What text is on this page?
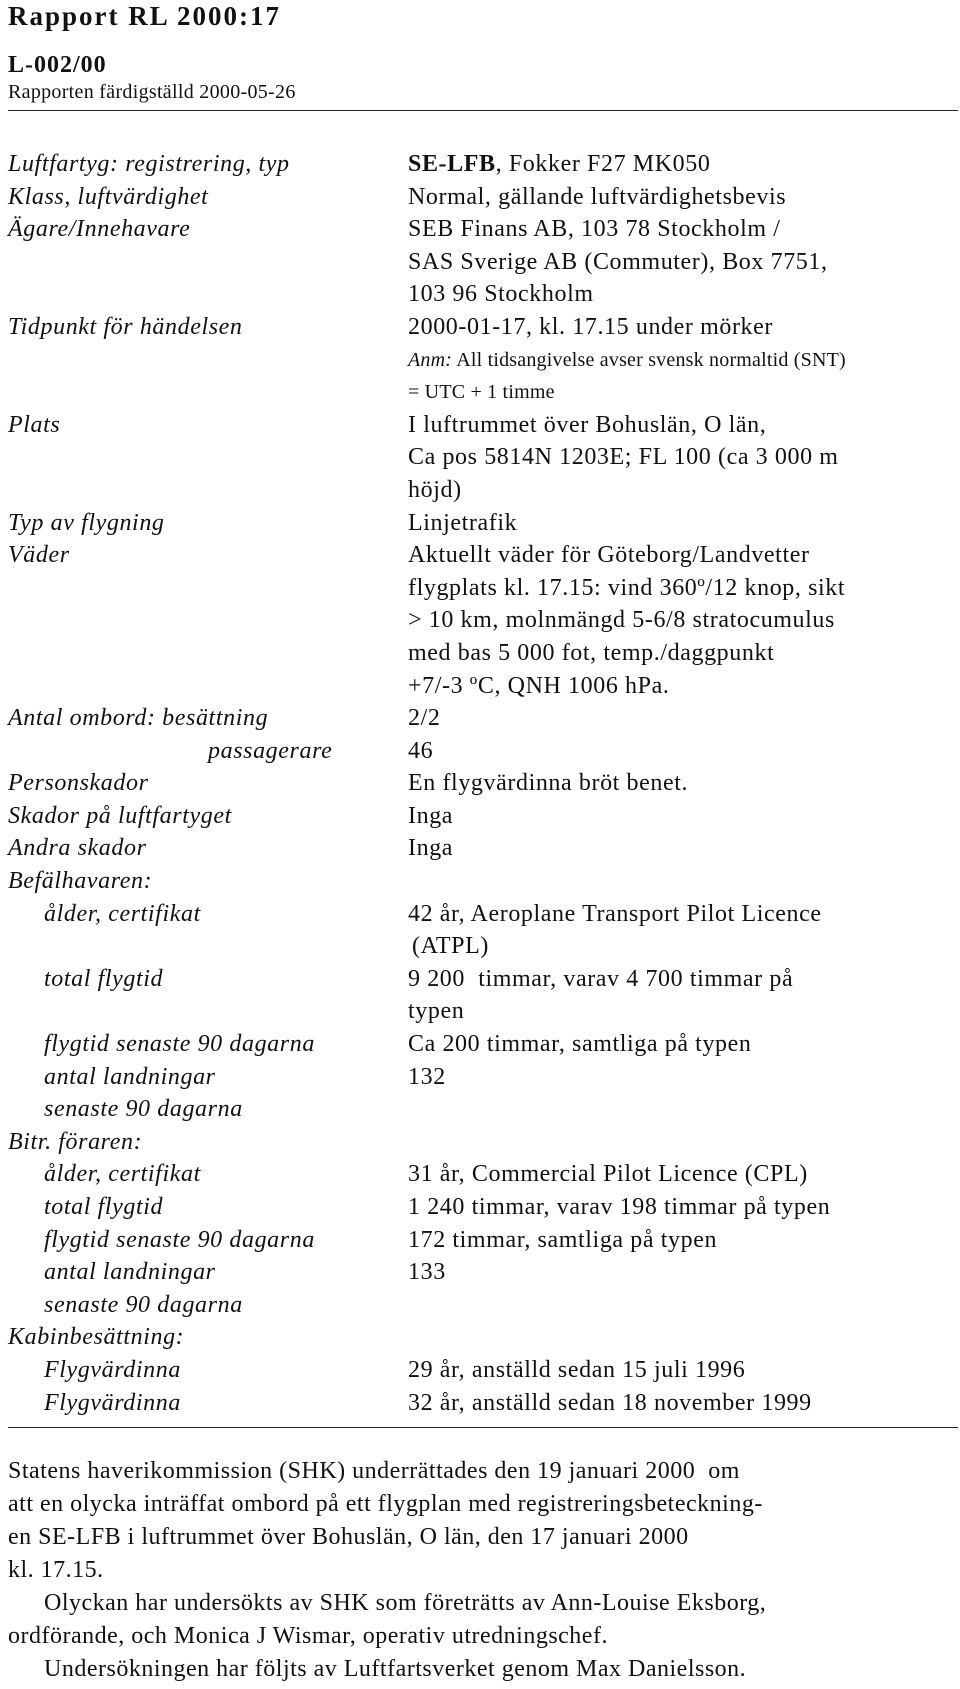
Rapport RL 2000:17
L-002/00
Rapporten färdigställd 2000-05-26
Luftfartyg: registrering, typ	SE-LFB, Fokker F27 MK050
Klass, luftvärdighet	Normal, gällande luftvärdighetsbevis
Ägare/Innehavare	SEB Finans AB, 103 78 Stockholm /
SAS Sverige AB (Commuter), Box 7751,
103 96 Stockholm
Tidpunkt för händelsen	2000-01-17, kl. 17.15 under mörker
Anm: All tidsangivelse avser svensk normaltid (SNT)
= UTC + 1 timme
Plats	I luftrummet över Bohuslän, O län,
Ca pos 5814N 1203E; FL 100 (ca 3 000 m
höjd)
Typ av flygning	Linjetrafik
Väder	Aktuellt väder för Göteborg/Landvetter
flygplats kl. 17.15: vind 360º/12 knop, sikt
> 10 km, molnmängd 5-6/8 stratocumulus
med bas 5 000 fot, temp./daggpunkt
+7/-3 ºC, QNH 1006 hPa.
Antal ombord: besättning	2/2
passagerare	46
Personskador	En flygvärdinna bröt benet.
Skador på luftfartyget	Inga
Andra skador	Inga
Befälhavaren:

ålder, certifikat	42 år, Aeroplane Transport Pilot Licence
(ATPL)
total flygtid	9 200  timmar, varav 4 700 timmar på
typen
flygtid senaste 90 dagarna	Ca 200 timmar, samtliga på typen
antal landningar	132
senaste 90 dagarna

Bitr. föraren:

ålder, certifikat	31 år, Commercial Pilot Licence (CPL)
total flygtid	1 240 timmar, varav 198 timmar på typen
flygtid senaste 90 dagarna	172 timmar, samtliga på typen
antal landningar	133
senaste 90 dagarna

Kabinbesättning:

Flygvärdinna	29 år, anställd sedan 15 juli 1996
Flygvärdinna	32 år, anställd sedan 18 november 1999

Statens haverikommission (SHK) underrättades den 19 januari 2000  om

att en olycka inträffat ombord på ett flygplan med registreringsbeteckning-

en SE-LFB i luftrummet över Bohuslän, O län, den 17 januari 2000

kl. 17.15.

Olyckan har undersökts av SHK som företrätts av Ann-Louise Eksborg,

ordförande, och Monica J Wismar, operativ utredningschef.

Undersökningen har följts av Luftfartsverket genom Max Danielsson.
